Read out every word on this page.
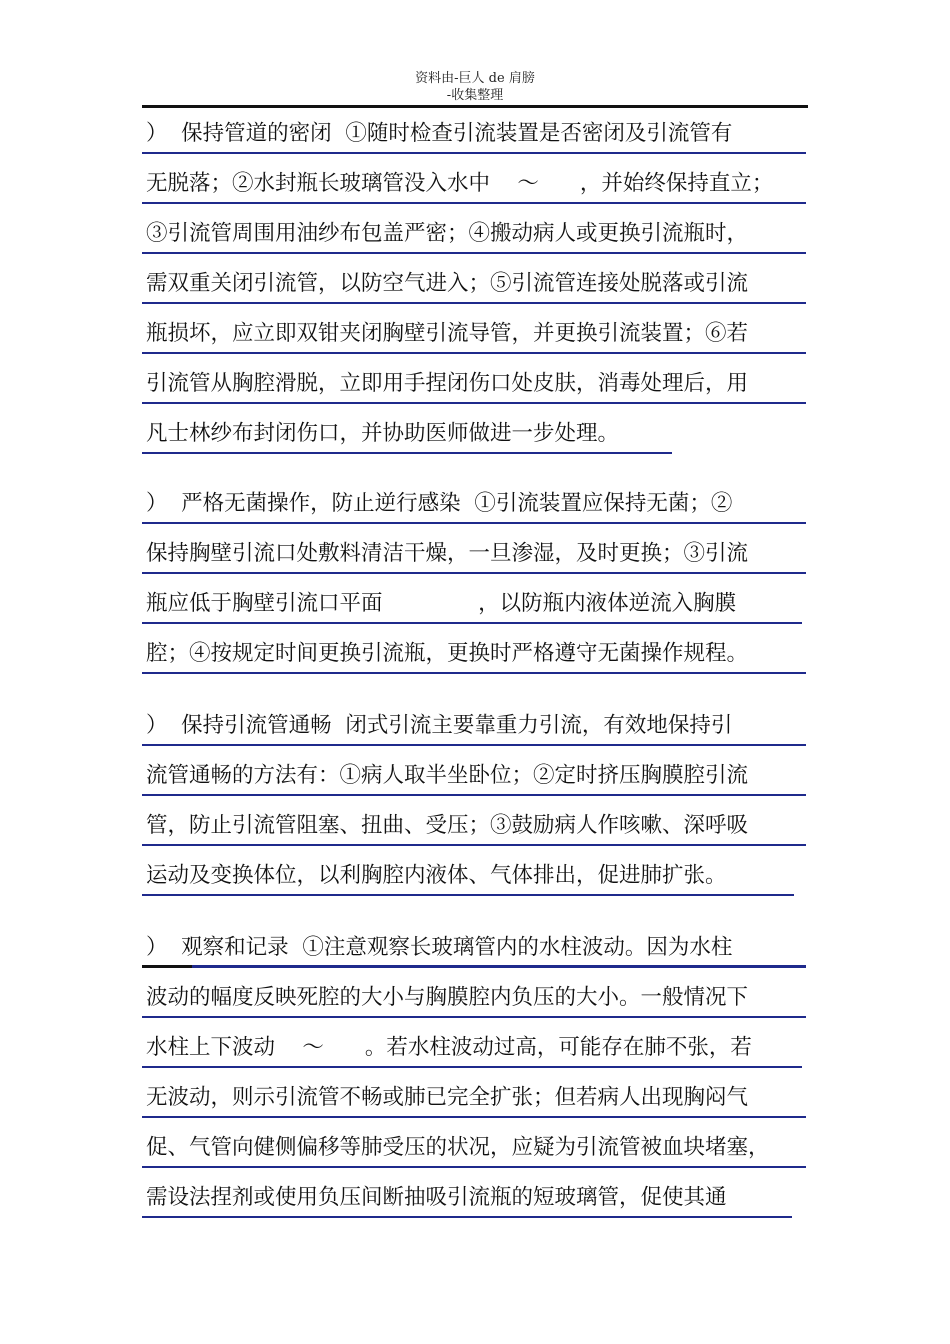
资料由-巨人 de 肩膀
-收集整理
）  保持管道的密闭  ①随时检查引流装置是否密闭及引流管有
无脱落；②水封瓶长玻璃管没入水中    ～      ，并始终保持直立；
③引流管周围用油纱布包盖严密；④搬动病人或更换引流瓶时，
需双重关闭引流管，以防空气进入；⑤引流管连接处脱落或引流
瓶损坏，应立即双钳夹闭胸壁引流导管，并更换引流装置；⑥若
引流管从胸腔滑脱，立即用手捏闭伤口处皮肤，消毒处理后，用
凡士林纱布封闭伤口，并协助医师做进一步处理。
）  严格无菌操作，防止逆行感染  ①引流装置应保持无菌；②
保持胸壁引流口处敷料清洁干燥，一旦渗湿，及时更换；③引流
瓶应低于胸壁引流口平面              ，以防瓶内液体逆流入胸膜
腔；④按规定时间更换引流瓶，更换时严格遵守无菌操作规程。
）  保持引流管通畅  闭式引流主要靠重力引流，有效地保持引
流管通畅的方法有：①病人取半坐卧位；②定时挤压胸膜腔引流
管，防止引流管阻塞、扭曲、受压；③鼓励病人作咳嗽、深呼吸
运动及变换体位，以利胸腔内液体、气体排出，促进肺扩张。
）  观察和记录  ①注意观察长玻璃管内的水柱波动。因为水柱
波动的幅度反映死腔的大小与胸膜腔内负压的大小。一般情况下
水柱上下波动    ～      。若水柱波动过高，可能存在肺不张，若
无波动，则示引流管不畅或肺已完全扩张；但若病人出现胸闷气
促、气管向健侧偏移等肺受压的状况，应疑为引流管被血块堵塞，
需设法捏剂或使用负压间断抽吸引流瓶的短玻璃管，促使其通
